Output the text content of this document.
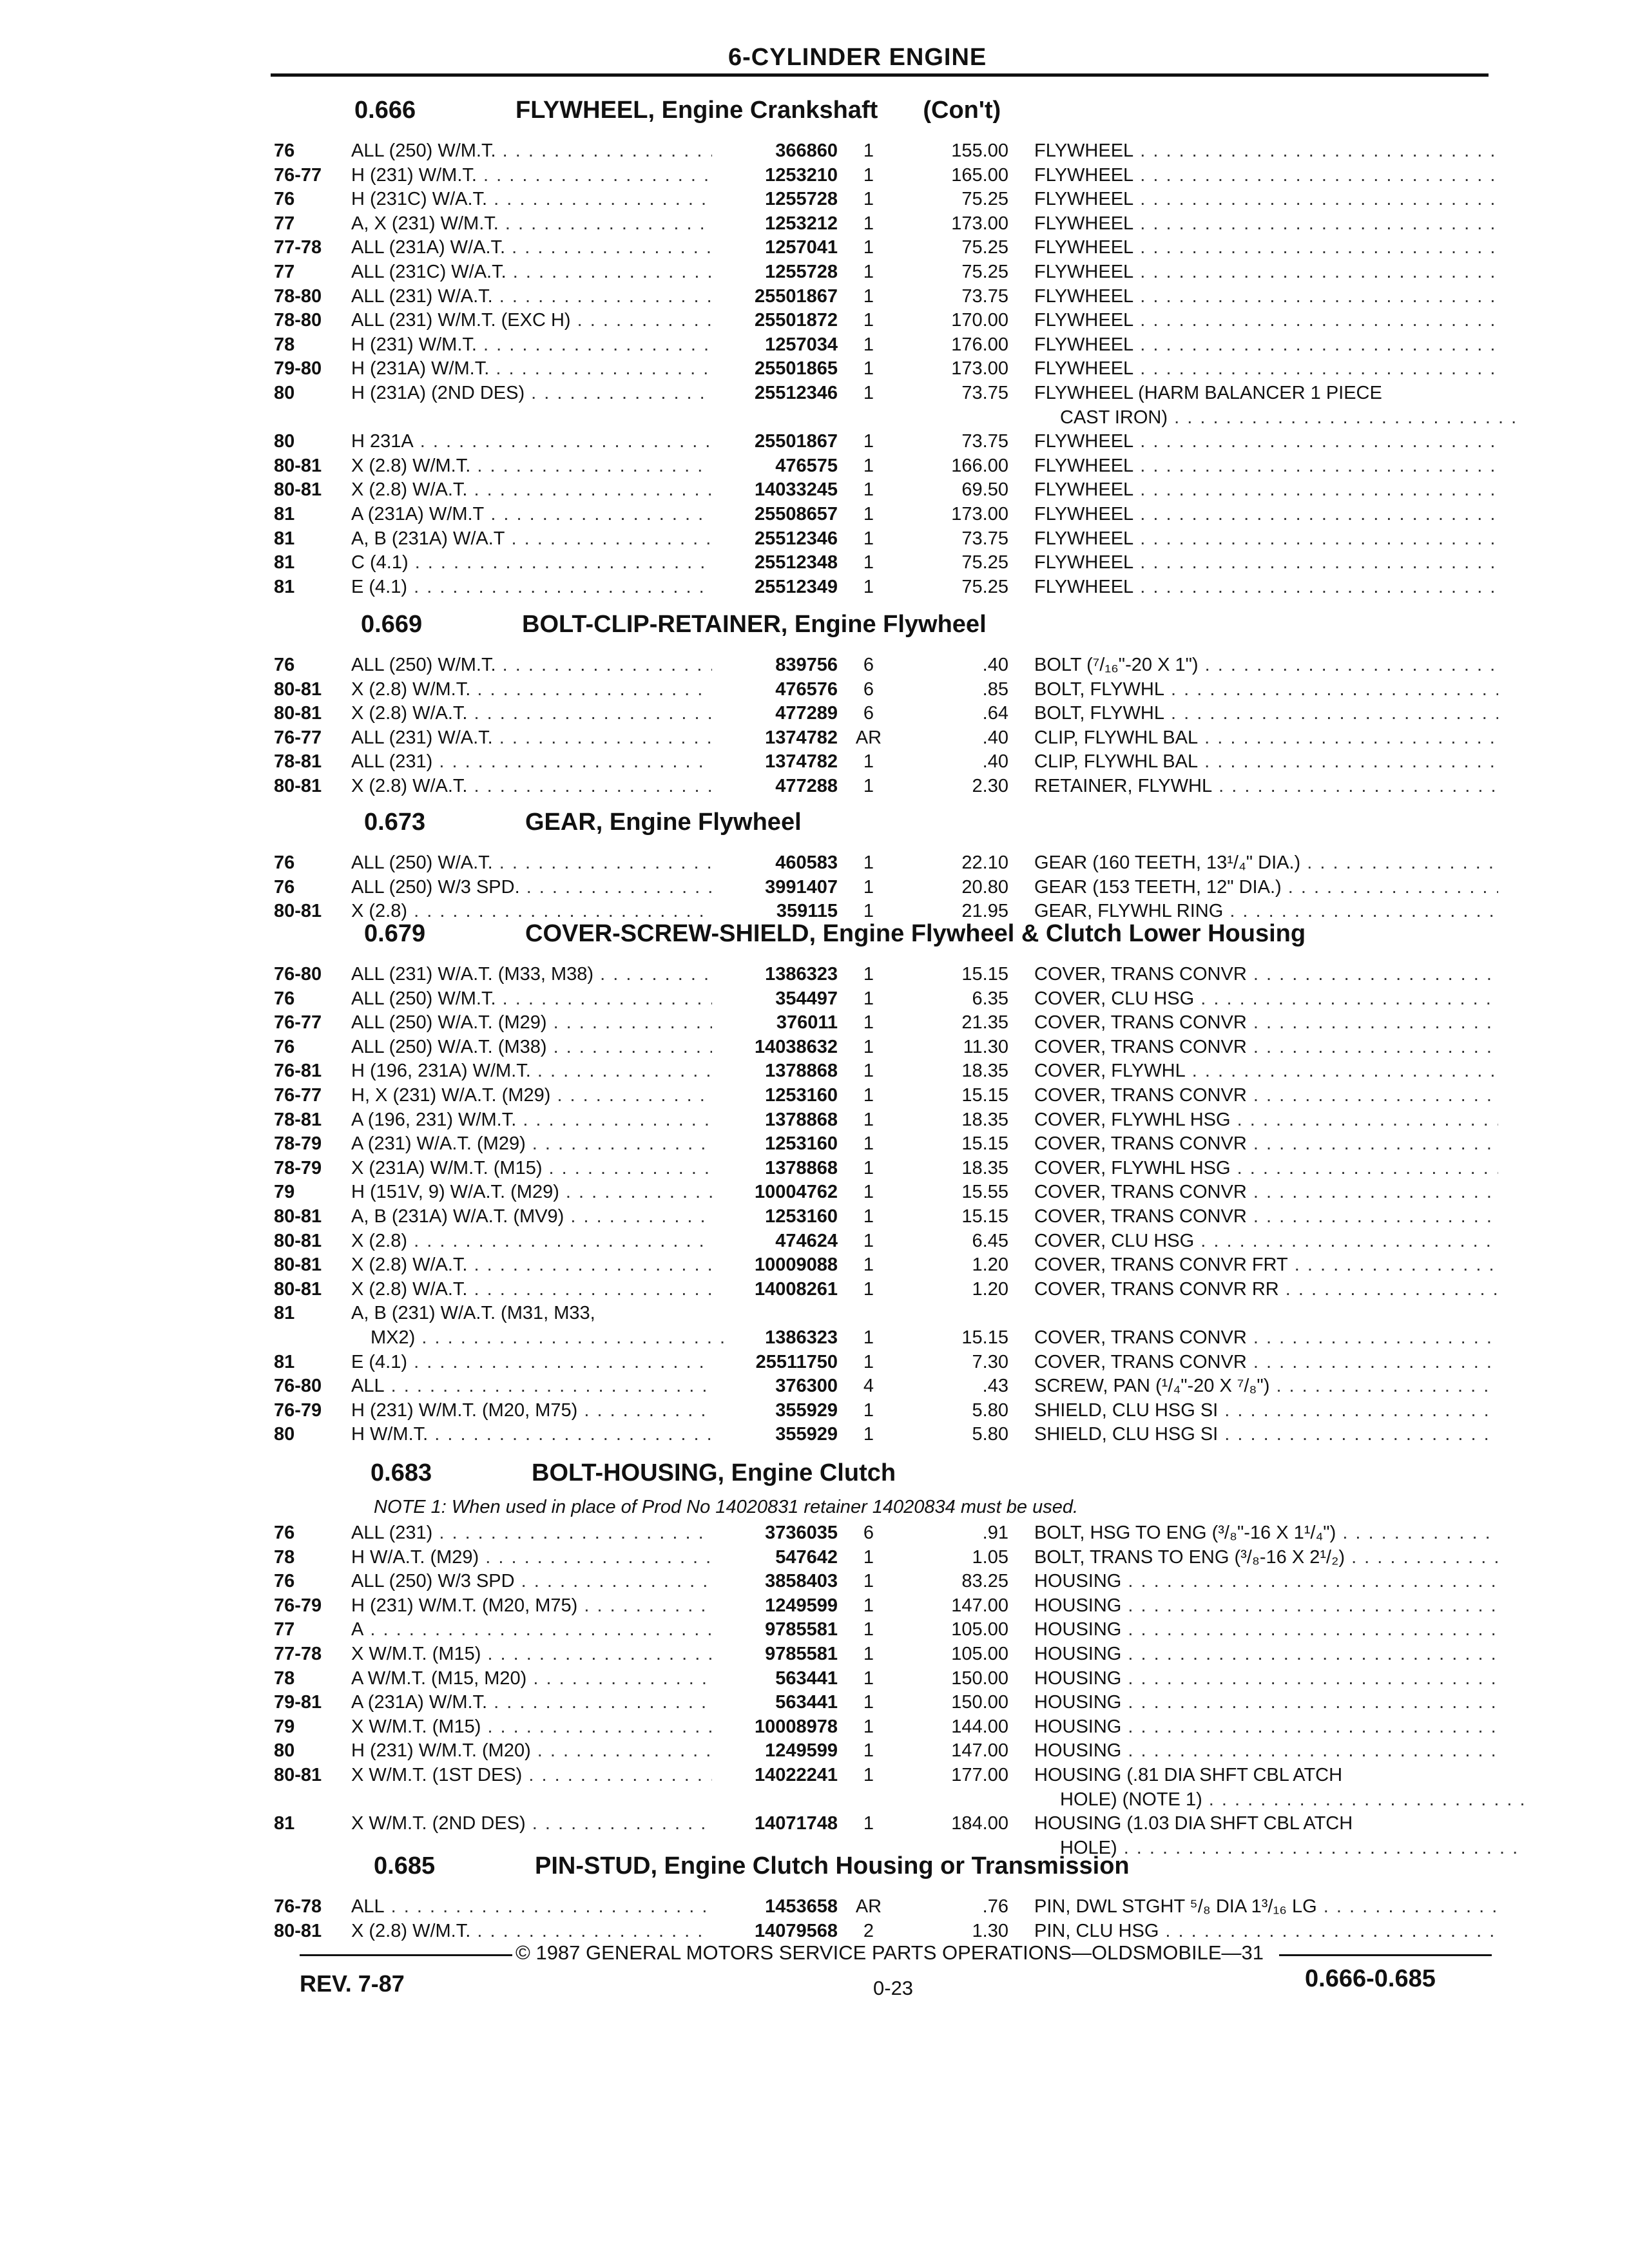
6-CYLINDER ENGINE
0.666	FLYWHEEL, Engine Crankshaft (Con't)
76	ALL (250) W/M.T. . . .	366860	1	155.00 FLYWHEEL . . .
76-77	H (231) W/M.T. . . .	1253210	1	165.00 FLYWHEEL . . .
76	H (231C) W/A.T. . . .	1255728	1	75.25 FLYWHEEL . . .
77	A, X (231) W/M.T. . . .	1253212	1	173.00 FLYWHEEL . . .
77-78	ALL (231A) W/A.T. . . .	1257041	1	75.25 FLYWHEEL . . .
77	ALL (231C) W/A.T. . . .	1255728	1	75.25 FLYWHEEL . . .
78-80	ALL (231) W/A.T. . . .	25501867	1	73.75 FLYWHEEL . . .
78-80	ALL (231) W/M.T. (EXC H) . . .	25501872	1	170.00 FLYWHEEL . . .
78	H (231) W/M.T. . . .	1257034	1	176.00 FLYWHEEL . . .
79-80	H (231A) W/M.T. . . .	25501865	1	173.00 FLYWHEEL . . .
80	H (231A) (2ND DES) . . .	25512346	1	73.75 FLYWHEEL (HARM BALANCER 1 PIECE
CAST IRON) . . .
80	H 231A . . .	25501867	1	73.75 FLYWHEEL . . .
80-81	X (2.8) W/M.T. . . .	476575	1	166.00 FLYWHEEL . . .
80-81	X (2.8) W/A.T. . . .	14033245	1	69.50 FLYWHEEL . . .
81	A (231A) W/M.T . . .	25508657	1	173.00 FLYWHEEL . . .
81	A, B (231A) W/A.T . . .	25512346	1	73.75 FLYWHEEL . . .
81	C (4.1) . . .	25512348	1	75.25 FLYWHEEL . . .
81	E (4.1) . . .	25512349	1	75.25 FLYWHEEL . . .
0.669	BOLT-CLIP-RETAINER, Engine Flywheel
76	ALL (250) W/M.T. . . .	839756	6	.40 BOLT (⁷/₁₆"-20 X 1") . . .
80-81	X (2.8) W/M.T. . . .	476576	6	.85 BOLT, FLYWHL . . .
80-81	X (2.8) W/A.T. . . .	477289	6	.64 BOLT, FLYWHL . . .
76-77	ALL (231) W/A.T. . . .	1374782 AR	.40 CLIP, FLYWHL BAL . . .
78-81	ALL (231) . . .	1374782	1	.40 CLIP, FLYWHL BAL . . .
80-81	X (2.8) W/A.T. . . .	477288	1	2.30 RETAINER, FLYWHL . . .
0.673	GEAR, Engine Flywheel
76	ALL (250) W/A.T. . . .	460583	1	22.10 GEAR (160 TEETH, 13¹/₄" DIA.) . . .
76	ALL (250) W/3 SPD. . . .	3991407	1	20.80 GEAR (153 TEETH, 12" DIA.) . . .
80-81	X (2.8) . . .	359115	1	21.95 GEAR, FLYWHL RING . . .
0.679	COVER-SCREW-SHIELD, Engine Flywheel & Clutch Lower Housing
76-80	ALL (231) W/A.T. (M33, M38) . . .	1386323	1	15.15 COVER, TRANS CONVR . . .
76	ALL (250) W/M.T. . . .	354497	1	6.35 COVER, CLU HSG . . .
76-77	ALL (250) W/A.T. (M29) . . .	376011	1	21.35 COVER, TRANS CONVR . . .
76	ALL (250) W/A.T. (M38) . . .	14038632	1	11.30 COVER, TRANS CONVR . . .
76-81	H (196, 231A) W/M.T. . . .	1378868	1	18.35 COVER, FLYWHL . . .
76-77	H, X (231) W/A.T. (M29) . . .	1253160	1	15.15 COVER, TRANS CONVR . . .
78-81	A (196, 231) W/M.T. . . .	1378868	1	18.35 COVER, FLYWHL HSG . . .
78-79	A (231) W/A.T. (M29) . . .	1253160	1	15.15 COVER, TRANS CONVR . . .
78-79	X (231A) W/M.T. (M15) . . .	1378868	1	18.35 COVER, FLYWHL HSG . . .
79	H (151V, 9) W/A.T. (M29) . . .	10004762	1	15.55 COVER, TRANS CONVR . . .
80-81	A, B (231A) W/A.T. (MV9) . . .	1253160	1	15.15 COVER, TRANS CONVR . . .
80-81	X (2.8) . . .	474624	1	6.45 COVER, CLU HSG . . .
80-81	X (2.8) W/A.T. . . .	10009088	1	1.20 COVER, TRANS CONVR FRT . . .
80-81	X (2.8) W/A.T. . . .	14008261	1	1.20 COVER, TRANS CONVR RR . . .
81	A, B (231) W/A.T. (M31, M33,
MX2) . . .	1386323	1	15.15 COVER, TRANS CONVR . . .
81	E (4.1) . . .	25511750	1	7.30 COVER, TRANS CONVR . . .
76-80	ALL . . .	376300	4	.43 SCREW, PAN (¹/₄"-20 X ⁷/₈") . . .
76-79	H (231) W/M.T. (M20, M75) . . .	355929	1	5.80 SHIELD, CLU HSG SI . . .
80	H W/M.T. . . .	355929	1	5.80 SHIELD, CLU HSG SI . . .
0.683	BOLT-HOUSING, Engine Clutch
NOTE 1: When used in place of Prod No 14020831 retainer 14020834 must be used.
76	ALL (231) . . .	3736035	6	.91 BOLT, HSG TO ENG (³/₈"-16 X 1¹/₄") . . .
78	H W/A.T. (M29) . . .	547642	1	1.05 BOLT, TRANS TO ENG (³/₈-16 X 2¹/₂) . . .
76	ALL (250) W/3 SPD . . .	3858403	1	83.25 HOUSING . . .
76-79	H (231) W/M.T. (M20, M75) . . .	1249599	1	147.00 HOUSING . . .
77	A . . .	9785581	1	105.00 HOUSING . . .
77-78	X W/M.T. (M15) . . .	9785581	1	105.00 HOUSING . . .
78	A W/M.T. (M15, M20) . . .	563441	1	150.00 HOUSING . . .
79-81	A (231A) W/M.T. . . .	563441	1	150.00 HOUSING . . .
79	X W/M.T. (M15) . . .	10008978	1	144.00 HOUSING . . .
80	H (231) W/M.T. (M20) . . .	1249599	1	147.00 HOUSING . . .
80-81	X W/M.T. (1ST DES) . . .	14022241	1	177.00 HOUSING (.81 DIA SHFT CBL ATCH
HOLE) (NOTE 1) . . .
81	X W/M.T. (2ND DES) . . .	14071748	1	184.00 HOUSING (1.03 DIA SHFT CBL ATCH
HOLE) . . .
0.685	PIN-STUD, Engine Clutch Housing or Transmission
76-78	ALL . . .	1453658 AR	.76 PIN, DWL STGHT ⁵/₈ DIA 1³/₁₆ LG . . .
80-81	X (2.8) W/M.T. . . .	14079568	2	1.30 PIN, CLU HSG . . .
© 1987 GENERAL MOTORS SERVICE PARTS OPERATIONS—OLDSMOBILE—31
REV. 7-87	0-23	0.666-0.685
